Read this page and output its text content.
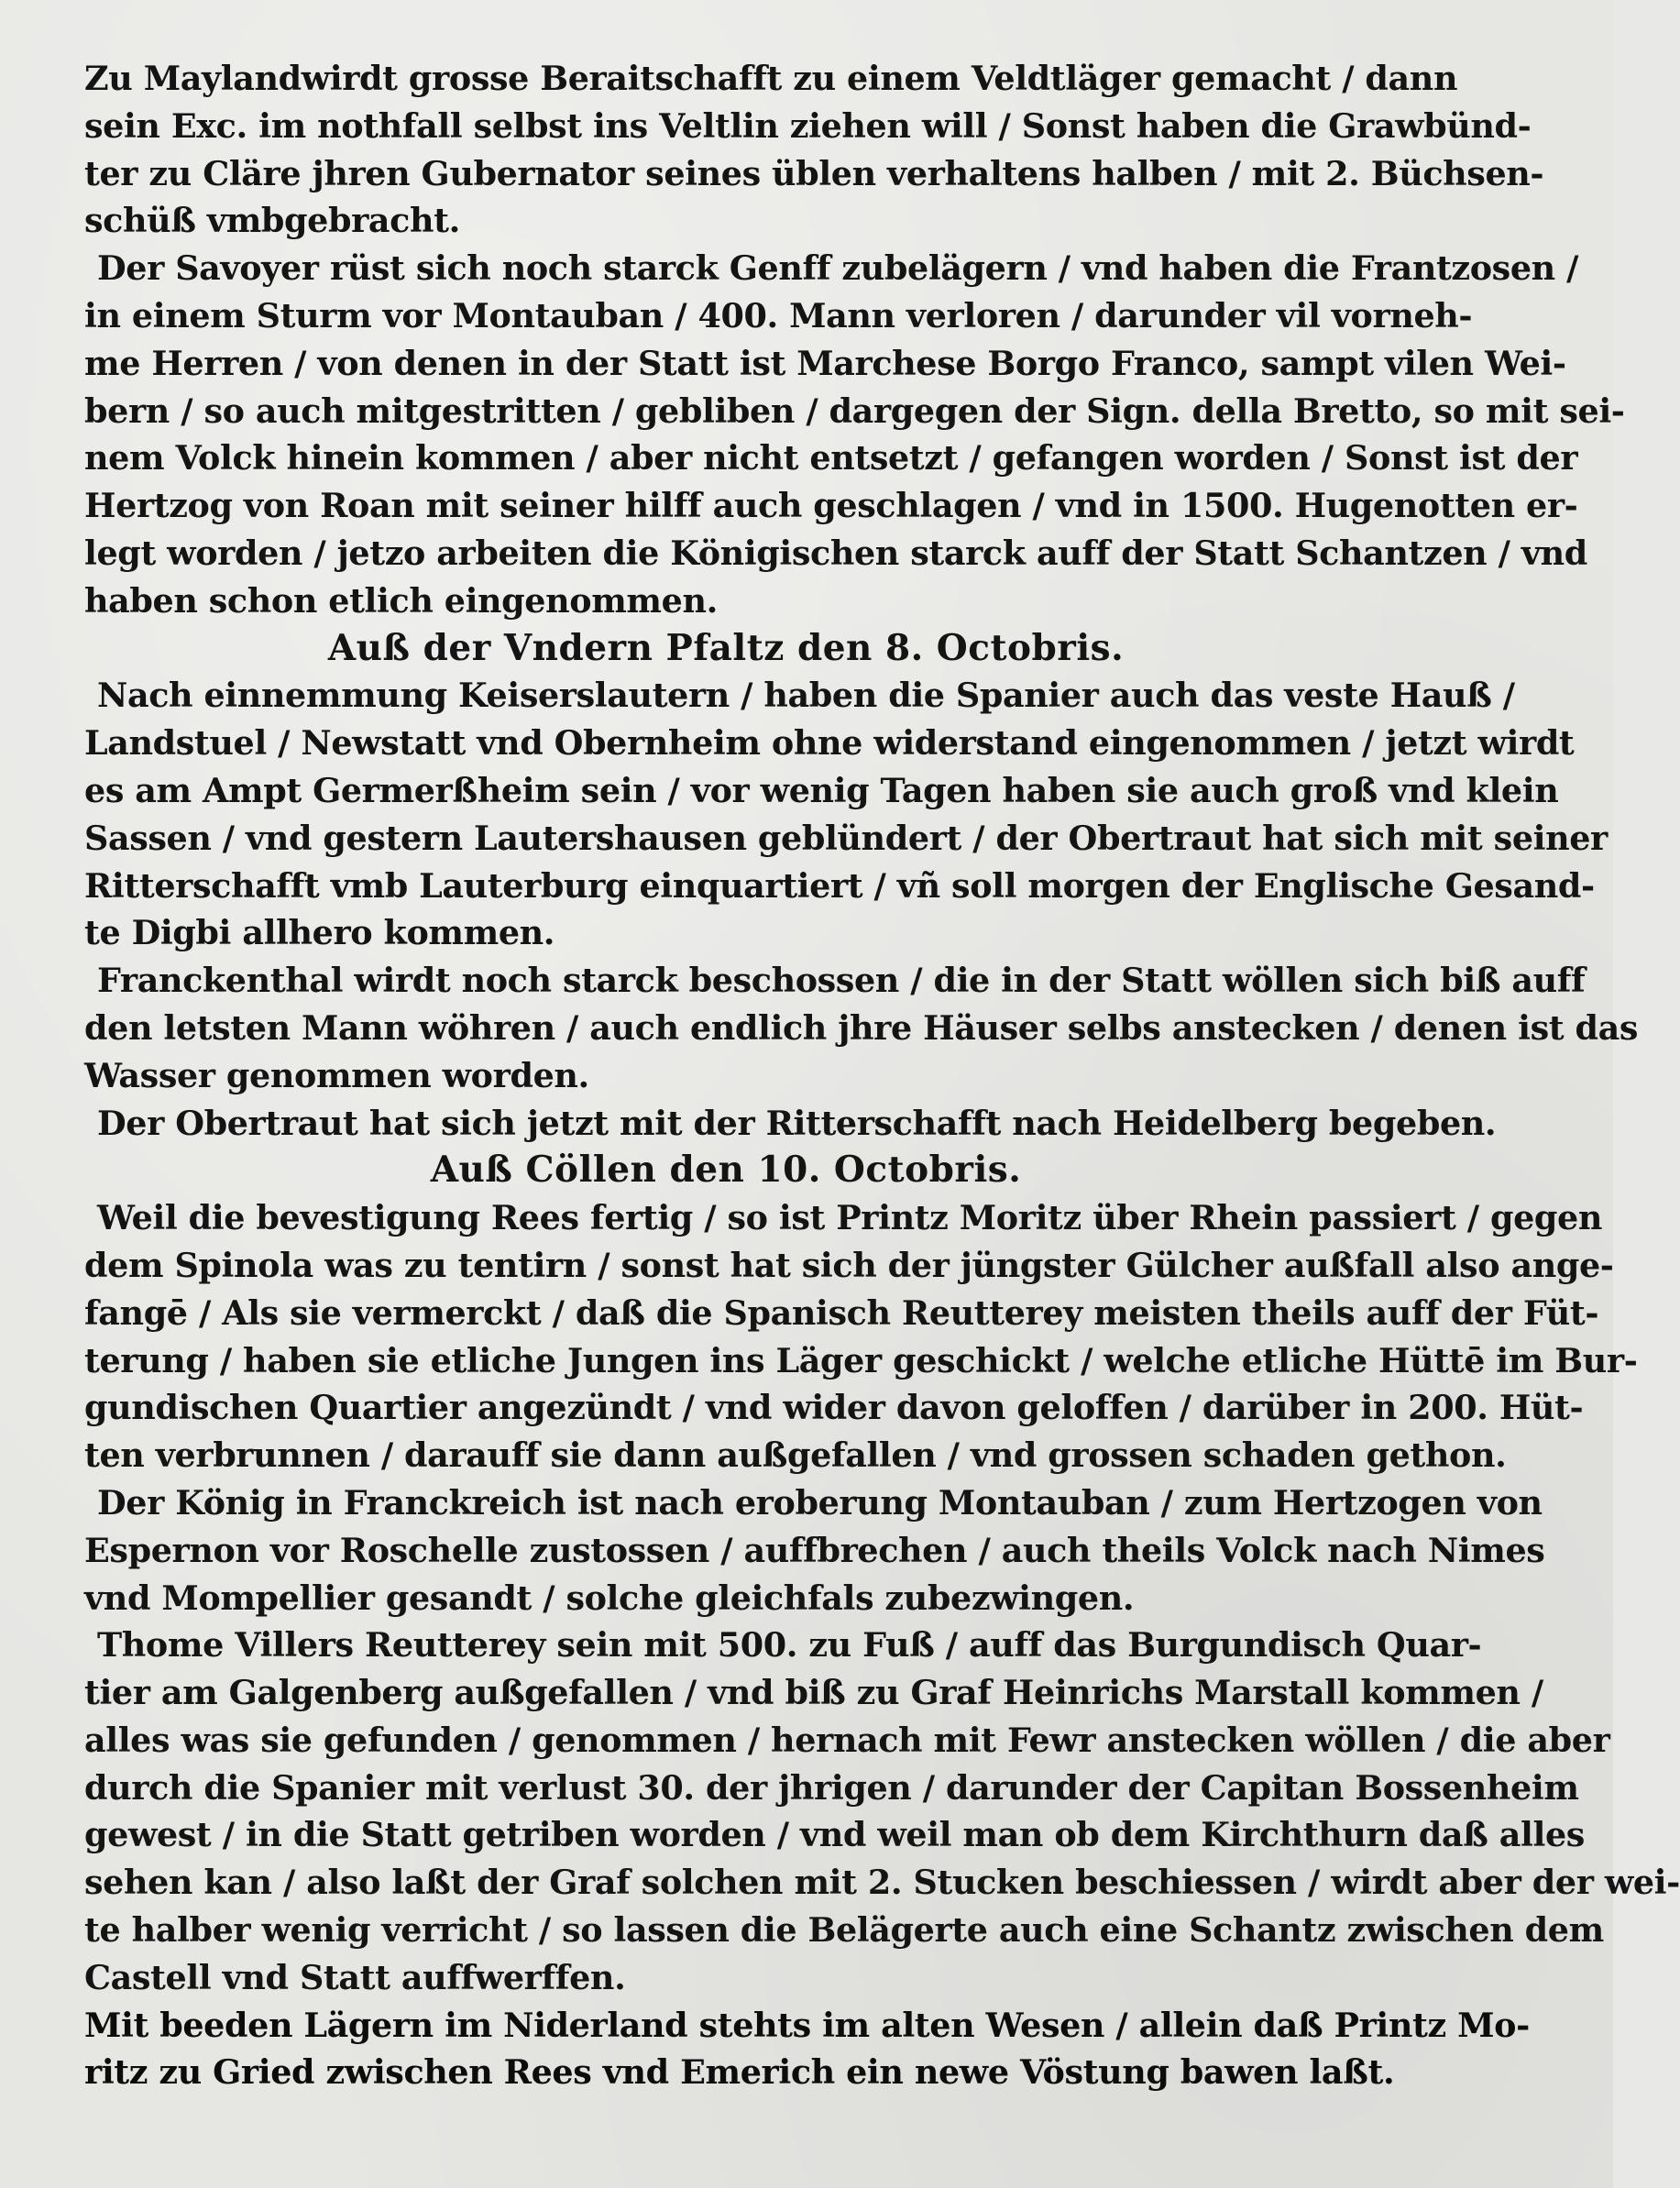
Zu Maylandwirdt grosse Beraitschafft zu einem Veldtläger gemacht / dann
sein Exc. im nothfall selbst ins Veltlin ziehen will / Sonst haben die Grawbünd-
ter zu Cläre jhren Gubernator seines üblen verhaltens halben / mit 2. Büchsen-
schüß vmbgebracht.
Der Savoyer rüst sich noch starck Genff zubelägern / vnd haben die Frantzosen /
in einem Sturm vor Montauban / 400. Mann verloren / darunder vil vorneh-
me Herren / von denen in der Statt ist Marchese Borgo Franco, sampt vilen Wei-
bern / so auch mitgestritten / gebliben / dargegen der Sign. della Bretto, so mit sei-
nem Volck hinein kommen / aber nicht entsetzt / gefangen worden / Sonst ist der
Hertzog von Roan mit seiner hilff auch geschlagen / vnd in 1500. Hugenotten er-
legt worden / jetzo arbeiten die Königischen starck auff der Statt Schantzen / vnd
haben schon etlich eingenommen.
Auß der Vndern Pfaltz den 8. Octobris.
Nach einnemmung Keiserslautern / haben die Spanier auch das veste Hauß /
Landstuel / Newstatt vnd Obernheim ohne widerstand eingenommen / jetzt wirdt
es am Ampt Germerßheim sein / vor wenig Tagen haben sie auch groß vnd klein
Sassen / vnd gestern Lautershausen geblündert / der Obertraut hat sich mit seiner
Ritterschafft vmb Lauterburg einquartiert / vñ soll morgen der Englische Gesand-
te Digbi allhero kommen.
Franckenthal wirdt noch starck beschossen / die in der Statt wöllen sich biß auff
den letsten Mann wöhren / auch endlich jhre Häuser selbs anstecken / denen ist das
Wasser genommen worden.
Der Obertraut hat sich jetzt mit der Ritterschafft nach Heidelberg begeben.
Auß Cöllen den 10. Octobris.
Weil die bevestigung Rees fertig / so ist Printz Moritz über Rhein passiert / gegen
dem Spinola was zu tentirn / sonst hat sich der jüngster Gülcher außfall also ange-
fangē / Als sie vermerckt / daß die Spanisch Reutterey meisten theils auff der Füt-
terung / haben sie etliche Jungen ins Läger geschickt / welche etliche Hüttē im Bur-
gundischen Quartier angezündt / vnd wider davon geloffen / darüber in 200. Hüt-
ten verbrunnen / darauff sie dann außgefallen / vnd grossen schaden gethon.
Der König in Franckreich ist nach eroberung Montauban / zum Hertzogen von
Espernon vor Roschelle zustossen / auffbrechen / auch theils Volck nach Nimes
vnd Mompellier gesandt / solche gleichfals zubezwingen.
Thome Villers Reutterey sein mit 500. zu Fuß / auff das Burgundisch Quar-
tier am Galgenberg außgefallen / vnd biß zu Graf Heinrichs Marstall kommen /
alles was sie gefunden / genommen / hernach mit Fewr anstecken wöllen / die aber
durch die Spanier mit verlust 30. der jhrigen / darunder der Capitan Bossenheim
gewest / in die Statt getriben worden / vnd weil man ob dem Kirchthurn daß alles
sehen kan / also laßt der Graf solchen mit 2. Stucken beschiessen / wirdt aber der wei-
te halber wenig verricht / so lassen die Belägerte auch eine Schantz zwischen dem
Castell vnd Statt auffwerffen.
Mit beeden Lägern im Niderland stehts im alten Wesen / allein daß Printz Mo-
ritz zu Gried zwischen Rees vnd Emerich ein newe Vöstung bawen laßt.
